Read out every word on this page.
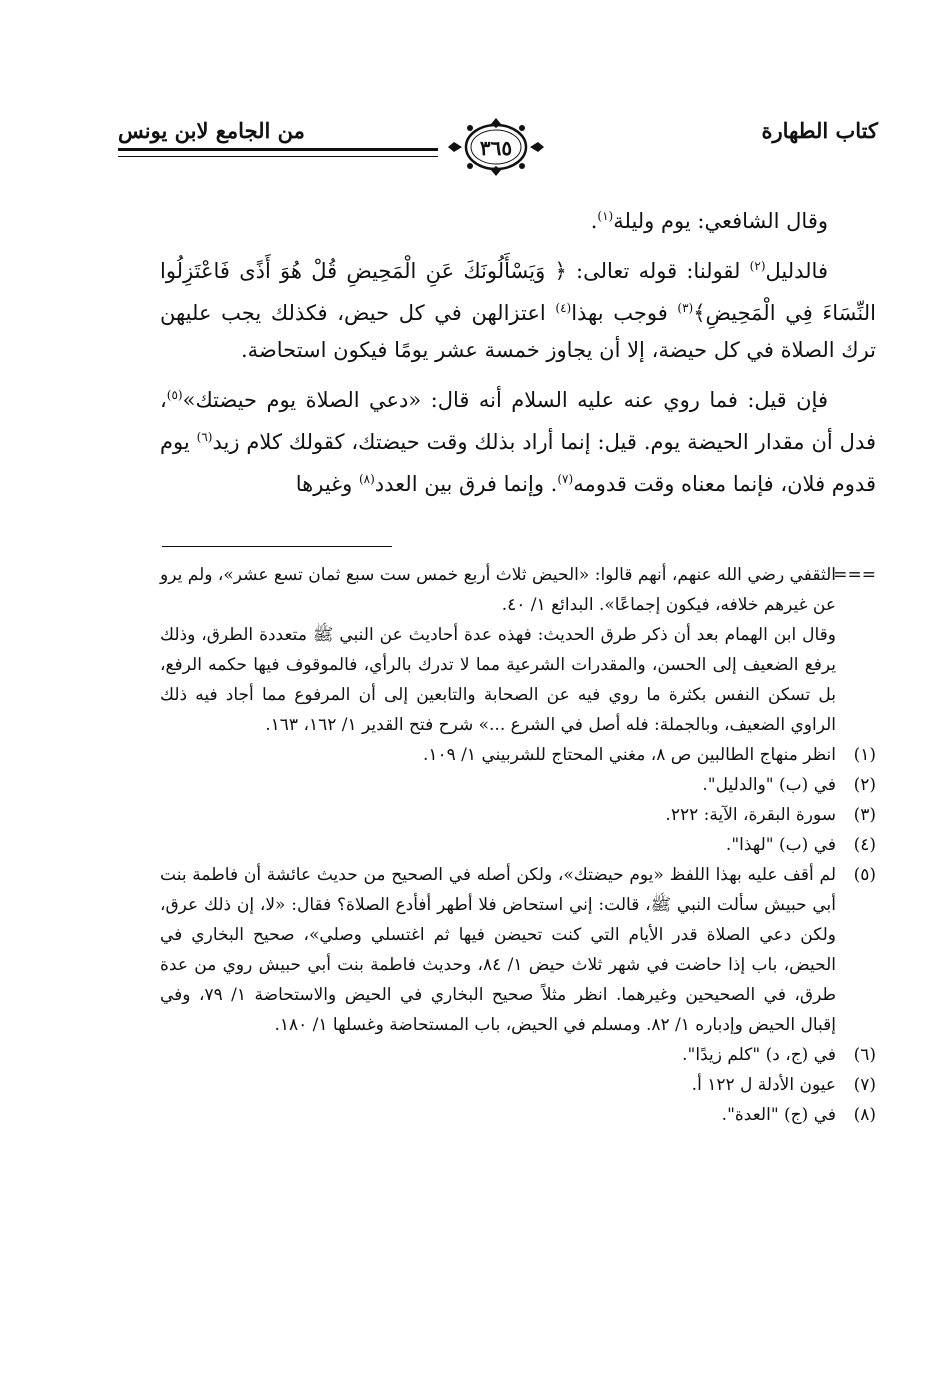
كتاب الطهارة
من الجامع لابن يونس
٣٦٥

وقال الشافعي: يوم وليلة$^{(١)}$.

فالدليل$^{(٢)}$ لقولنا: قوله تعالى: ﴿ وَيَسْأَلُونَكَ عَنِ الْمَحِيضِ قُلْ هُوَ أَذًى فَاعْتَزِلُوا النِّسَاءَ فِي الْمَحِيضِ﴾$^{(٣)}$ فوجب بهذا$^{(٤)}$ اعتزالهن في كل حيض، فكذلك يجب عليهن ترك الصلاة في كل حيضة، إلا أن يجاوز خمسة عشر يومًا فيكون استحاضة.

فإن قيل: فما روي عنه عليه السلام أنه قال: «دعي الصلاة يوم حيضتك»$^{(٥)}$، فدل أن مقدار الحيضة يوم. قيل: إنما أراد بذلك وقت حيضتك، كقولك كلام زيد$^{(٦)}$ يوم قدوم فلان، فإنما معناه وقت قدومه$^{(٧)}$. وإنما فرق بين العدد$^{(٨)}$ وغيرها

===
الثقفي رضي الله عنهم، أنهم قالوا: «الحيض ثلاث أربع خمس ست سبع ثمان تسع عشر»، ولم يرو عن غيرهم خلافه، فيكون إجماعًا». البدائع ١/ ٤٠.

وقال ابن الهمام بعد أن ذكر طرق الحديث: فهذه عدة أحاديث عن النبي ﷺ متعددة الطرق، وذلك يرفع الضعيف إلى الحسن، والمقدرات الشرعية مما لا تدرك بالرأي، فالموقوف فيها حكمه الرفع، بل تسكن النفس بكثرة ما روي فيه عن الصحابة والتابعين إلى أن المرفوع مما أجاد فيه ذلك الراوي الضعيف، وبالجملة: فله أصل في الشرع ...» شرح فتح القدير ١/ ١٦٢، ١٦٣.

(١)
انظر منهاج الطالبين ص ٨، مغني المحتاج للشربيني ١/ ١٠٩.

(٢)
في (ب) "والدليل".

(٣)
سورة البقرة، الآية: ٢٢٢.

(٤)
في (ب) "لهذا".

(٥)
لم أقف عليه بهذا اللفظ «يوم حيضتك»، ولكن أصله في الصحيح من حديث عائشة أن فاطمة بنت أبي حبيش سألت النبي ﷺ، قالت: إني استحاض فلا أطهر أفأدع الصلاة؟ فقال: «لا، إن ذلك عرق، ولكن دعي الصلاة قدر الأيام التي كنت تحيضن فيها ثم اغتسلي وصلي»، صحيح البخاري في الحيض، باب إذا حاضت في شهر ثلاث حيض ١/ ٨٤، وحديث فاطمة بنت أبي حبيش روي من عدة طرق، في الصحيحين وغيرهما. انظر مثلاً صحيح البخاري في الحيض والاستحاضة ١/ ٧٩، وفي إقبال الحيض وإدباره ١/ ٨٢. ومسلم في الحيض، باب المستحاضة وغسلها ١/ ١٨٠.

(٦)
في (ج، د) "كلم زيدًا".

(٧)
عيون الأدلة ل ١٢٢ أ.

(٨)
في (ج) "العدة".
